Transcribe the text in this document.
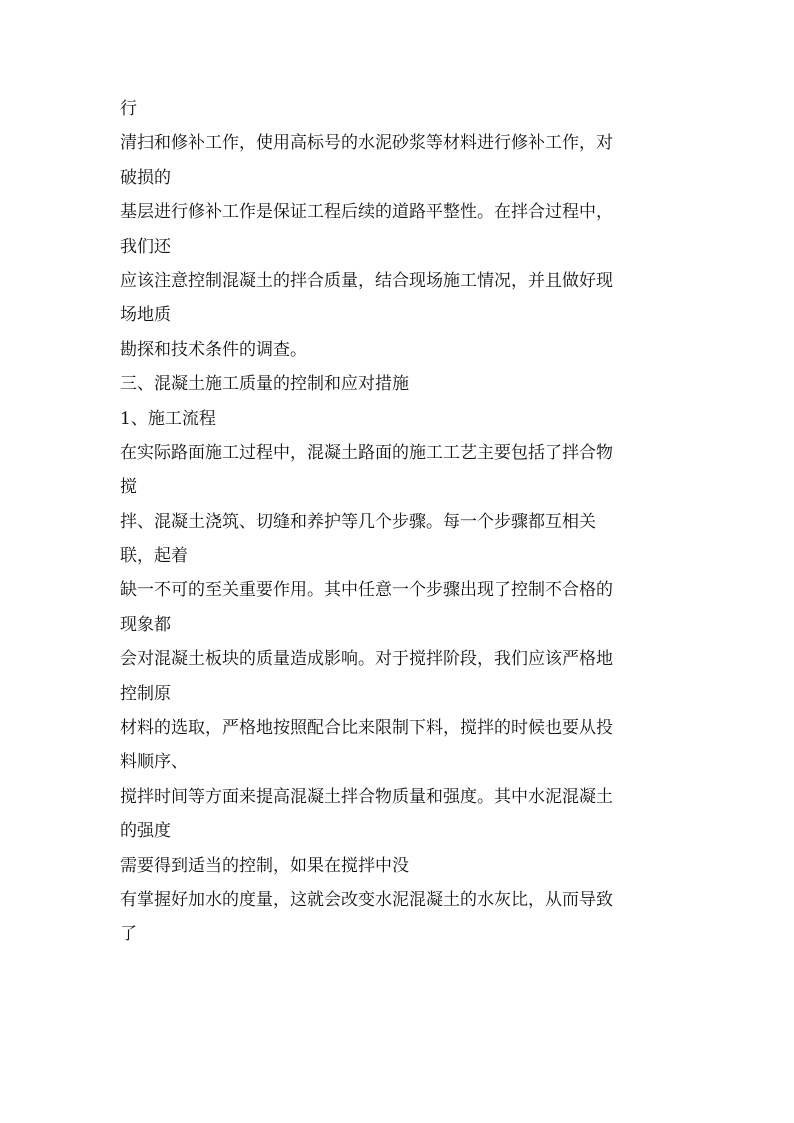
行

清扫和修补工作，使用高标号的水泥砂浆等材料进行修补工作，对

破损的

基层进行修补工作是保证工程后续的道路平整性。在拌合过程中，

我们还

应该注意控制混凝土的拌合质量，结合现场施工情况，并且做好现

场地质

勘探和技术条件的调查。

三、混凝土施工质量的控制和应对措施

1、施工流程

在实际路面施工过程中，混凝土路面的施工工艺主要包括了拌合物

搅

拌、混凝土浇筑、切缝和养护等几个步骤。每一个步骤都互相关

联，起着

缺一不可的至关重要作用。其中任意一个步骤出现了控制不合格的

现象都

会对混凝土板块的质量造成影响。对于搅拌阶段，我们应该严格地

控制原

材料的选取，严格地按照配合比来限制下料，搅拌的时候也要从投

料顺序、

搅拌时间等方面来提高混凝土拌合物质量和强度。其中水泥混凝土

的强度

需要得到适当的控制，如果在搅拌中没

有掌握好加水的度量，这就会改变水泥混凝土的水灰比，从而导致

了
